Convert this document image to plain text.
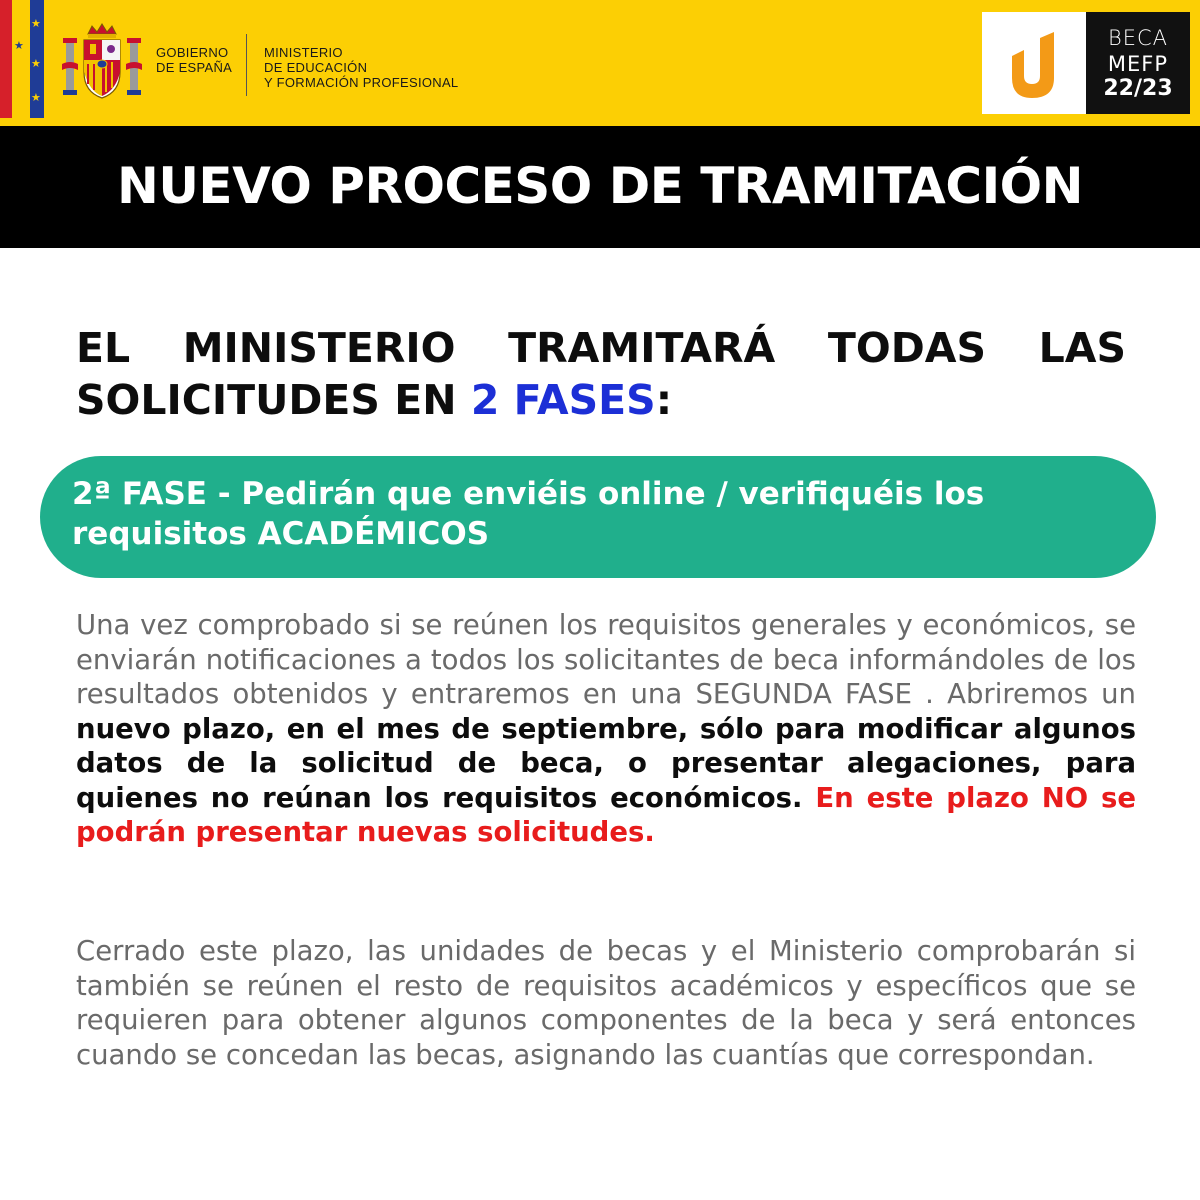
★
★
★
★	GOBIERNO
DE ESPAÑA
MINISTERIO
DE EDUCACIÓN
Y FORMACIÓN PROFESIONAL
BECA
MEFP
22/23
NUEVO PROCESO DE TRAMITACIÓN
EL MINISTERIO TRAMITARÁ TODAS LAS
SOLICITUDES EN 2 FASES:
2ª FASE - Pedirán que enviéis online / verifiquéis los requisitos ACADÉMICOS

Una vez comprobado si se reúnen los requisitos generales y económicos, se enviarán notificaciones a todos los solicitantes de beca informándoles de los resultados obtenidos y entraremos en una SEGUNDA FASE . Abriremos un nuevo plazo, en el mes de septiembre, sólo para modificar algunos datos de la solicitud de beca, o presentar alegaciones, para quienes no reúnan los requisitos económicos. En este plazo NO se podrán presentar nuevas solicitudes.

Cerrado este plazo, las unidades de becas y el Ministerio comprobarán si también se reúnen el resto de requisitos académicos y específicos que se requieren para obtener algunos componentes de la beca y será entonces cuando se concedan las becas, asignando las cuantías que correspondan.
